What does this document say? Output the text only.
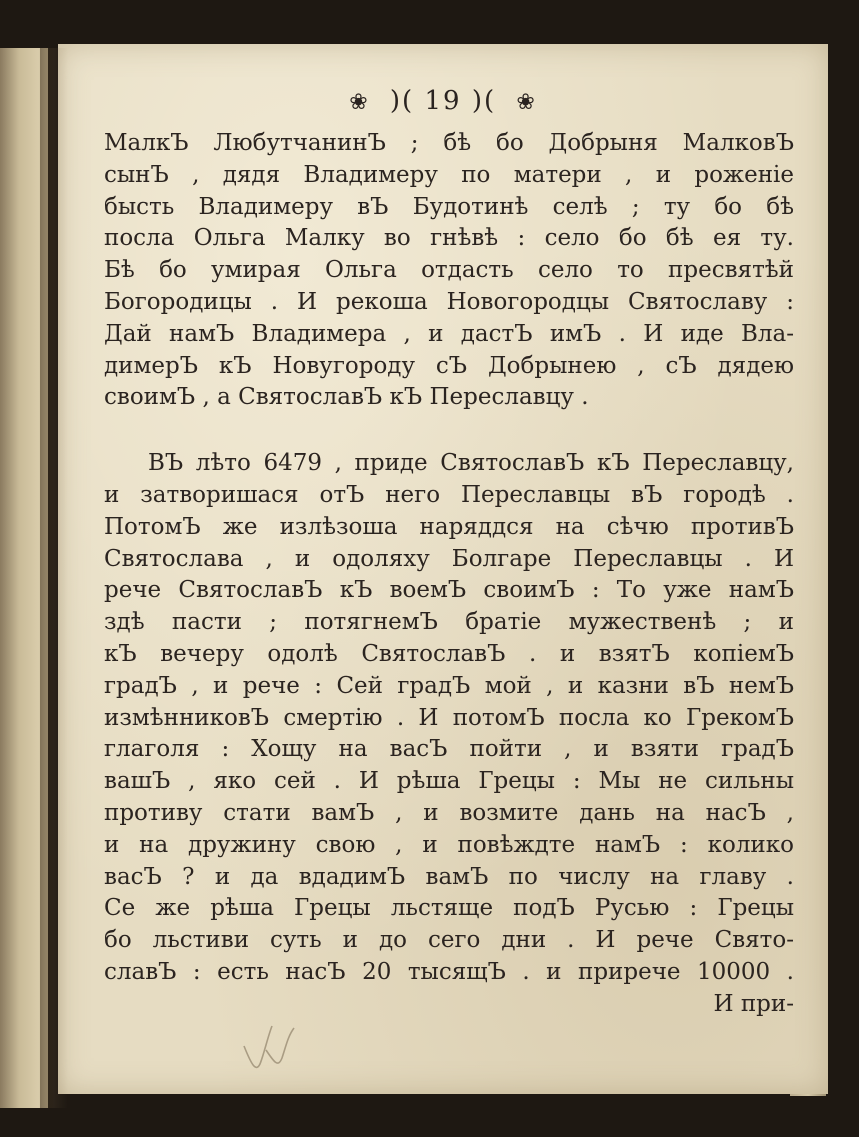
❀ )( 19 )( ❀
МалкЪ ЛюбутчанинЪ ; бѣ бо Добрыня МалковЪ
сынЪ , дядя Владимеру по матери , и роженіе
бысть Владимеру вЪ Будотинѣ селѣ ; ту бо бѣ
посла Ольга Малку во гнѣвѣ : село бо бѣ ея ту.
Бѣ бо умирая Ольга отдасть село то пресвятѣй
Богородицы . И рекоша Новогородцы Святославу :
Дай намЪ Владимера , и дастЪ имЪ . И иде Вла-
димерЪ кЪ Новугороду сЪ Добрынею , сЪ дядею
своимЪ , а СвятославЪ кЪ Переславцу .
ВЪ лѣто 6479 , приде СвятославЪ кЪ Переславцу,
и затворишася отЪ него Переславцы вЪ городѣ .
ПотомЪ же излѣзоша наряддся на сѣчю противЪ
Святослава , и одоляху Болгаре Переславцы . И
рече СвятославЪ кЪ воемЪ своимЪ : То уже намЪ
здѣ пасти ; потягнемЪ братіе мужественѣ ; и
кЪ вечеру одолѣ СвятославЪ . и взятЪ копіемЪ
градЪ , и рече : Сей градЪ мой , и казни вЪ немЪ
измѣнниковЪ смертію . И потомЪ посла ко ГрекомЪ
глаголя : Хощу на васЪ пойти , и взяти градЪ
вашЪ , яко сей . И рѣша Грецы : Мы не сильны
противу стати вамЪ , и возмите дань на насЪ ,
и на дружину свою , и повѣждте намЪ : колико
васЪ ? и да вдадимЪ вамЪ по числу на главу .
Се же рѣша Грецы льстяще подЪ Русью : Грецы
бо льстиви суть и до сего дни . И рече Свято-
славЪ : есть насЪ 20 тысящЪ . и прирече 10000 .
И при-
